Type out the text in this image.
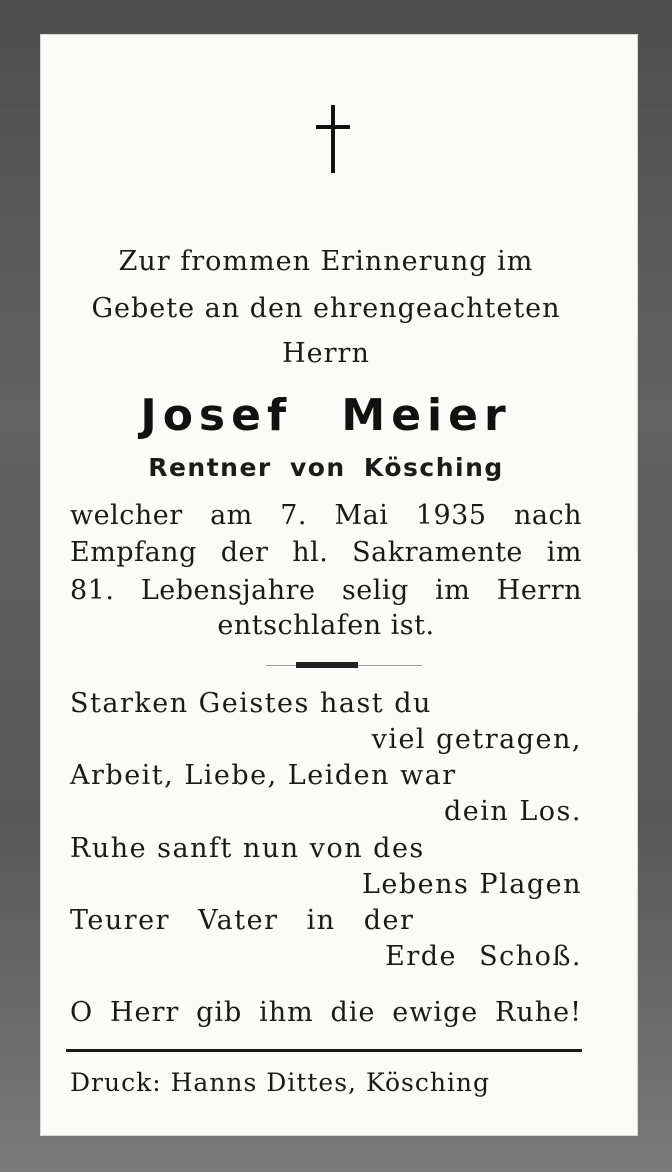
Zur frommen Erinnerung im
Gebete an den ehrengeachteten
Herrn
Josef Meier
Rentner von Kösching
welcher am 7. Mai 1935 nach
Empfang der hl. Sakramente im
81. Lebensjahre selig im Herrn
entschlafen ist.
Starken Geistes hast du
viel getragen,
Arbeit, Liebe, Leiden war
dein Los.
Ruhe sanft nun von des
Lebens Plagen
Teurer Vater in der
Erde Schoß.
O Herr gib ihm die ewige Ruhe!
Druck: Hanns Dittes, Kösching
